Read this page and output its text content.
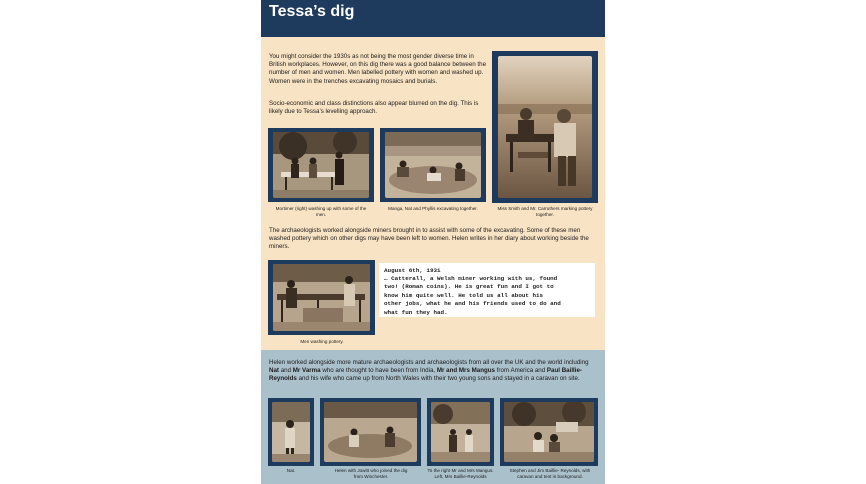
Tessa’s dig

You might consider the 1930s as not being the most gender diverse time in British workplaces. However, on this dig there was a good balance between the number of men and women. Men labelled pottery with women and washed up. Women were in the trenches excavating mosaics and burials.

Socio-economic and class distinctions also appear blurred on the dig. This is likely due to Tessa’s levelling approach.

Mortimer (right) washing up with some of the men.
Manga, Nat and Phyllis excavating together.	Miss Smith and Mr. Carruthers marking pottery together.

The archaeologists worked alongside miners brought in to assist with some of the excavating. Some of these men washed pottery which on other digs may have been left to women. Helen writes in her diary about working beside the miners.

Men washing pottery.
August 6th, 1931
… Catterall, a Welsh miner working with us, found
two! (Roman coins). He is great fun and I got to
know him quite well. He told us all about his
other jobs, what he and his friends used to do and
what fun they had.

Helen worked alongside more mature archaeologists and archaeologists from all over the UK and the world including Nat and Mr Varma who are thought to have been from India, Mr and Mrs Mangus from America and Paul Baillie-Reynolds and his wife who came up from North Wales with their two young sons and stayed in a caravan on site.

Nat.	Helen with Jowitt who joined the dig from Winchester.
To the right Mr and Mrs Mangus. Left, Mrs Baillie-Reynolds
Stephen and Jim Baillie- Reynolds, with caravan and tent in background.
